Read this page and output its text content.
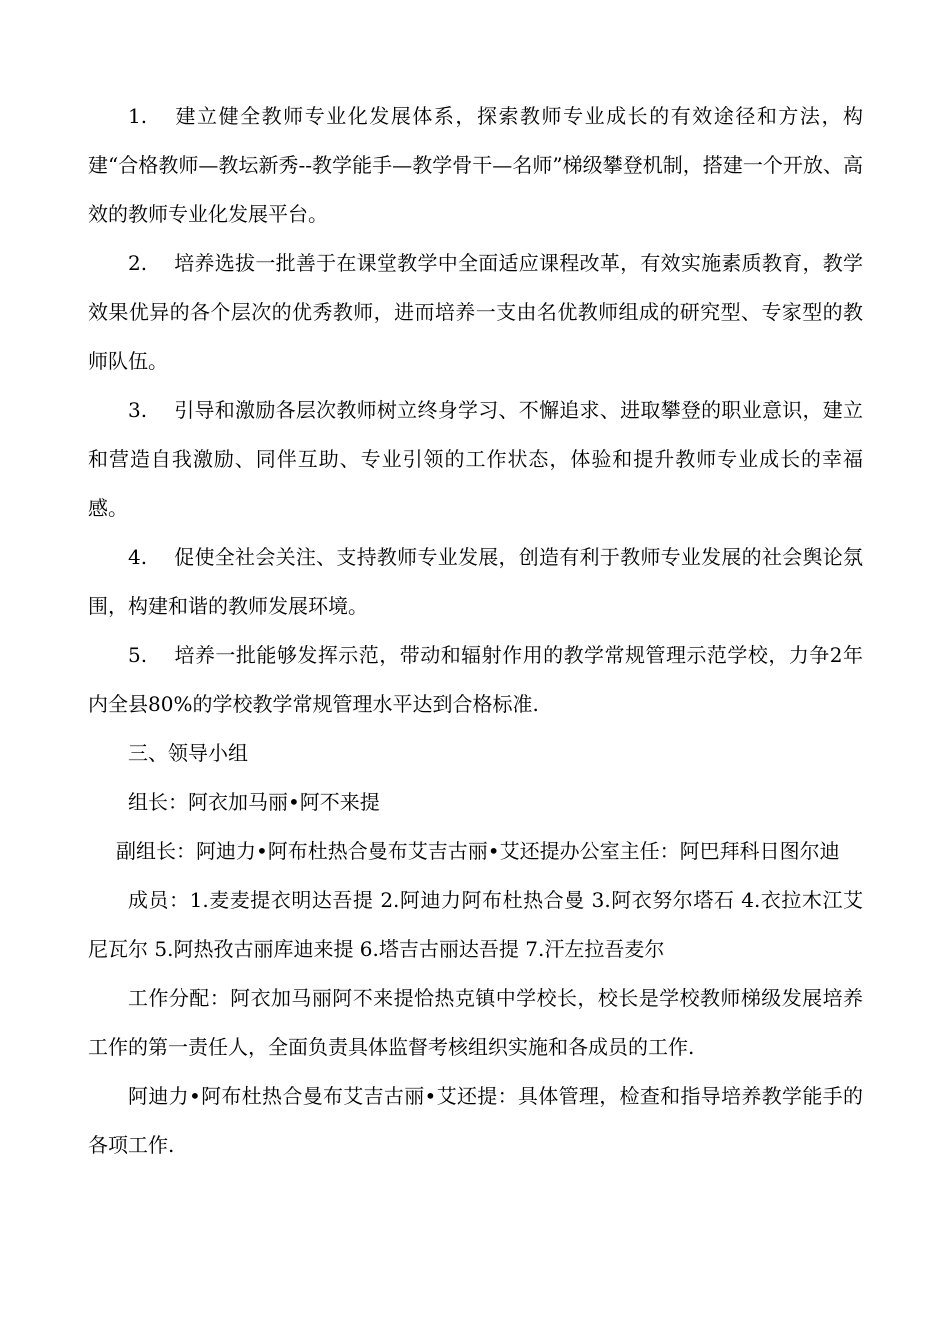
1. 建立健全教师专业化发展体系，探索教师专业成长的有效途径和方法，构建“合格教师—教坛新秀--教学能手—教学骨干—名师”梯级攀登机制，搭建一个开放、高效的教师专业化发展平台。

2. 培养选拔一批善于在课堂教学中全面适应课程改革，有效实施素质教育，教学效果优异的各个层次的优秀教师，进而培养一支由名优教师组成的研究型、专家型的教师队伍。

3. 引导和激励各层次教师树立终身学习、不懈追求、进取攀登的职业意识，建立和营造自我激励、同伴互助、专业引领的工作状态，体验和提升教师专业成长的幸福感。

4. 促使全社会关注、支持教师专业发展，创造有利于教师专业发展的社会舆论氛围，构建和谐的教师发展环境。

5. 培养一批能够发挥示范，带动和辐射作用的教学常规管理示范学校，力争2年内全县80%的学校教学常规管理水平达到合格标准.

三、领导小组

组长：阿衣加马丽•阿不来提

副组长：阿迪力•阿布杜热合曼布艾吉古丽•艾还提办公室主任：阿巴拜科日图尔迪

成员：1.麦麦提衣明达吾提 2.阿迪力阿布杜热合曼 3.阿衣努尔塔石 4.衣拉木江艾尼瓦尔 5.阿热孜古丽库迪来提 6.塔吉古丽达吾提 7.汗左拉吾麦尔

工作分配：阿衣加马丽阿不来提恰热克镇中学校长，校长是学校教师梯级发展培养工作的第一责任人，全面负责具体监督考核组织实施和各成员的工作.

阿迪力•阿布杜热合曼布艾吉古丽•艾还提：具体管理，检查和指导培养教学能手的各项工作.
